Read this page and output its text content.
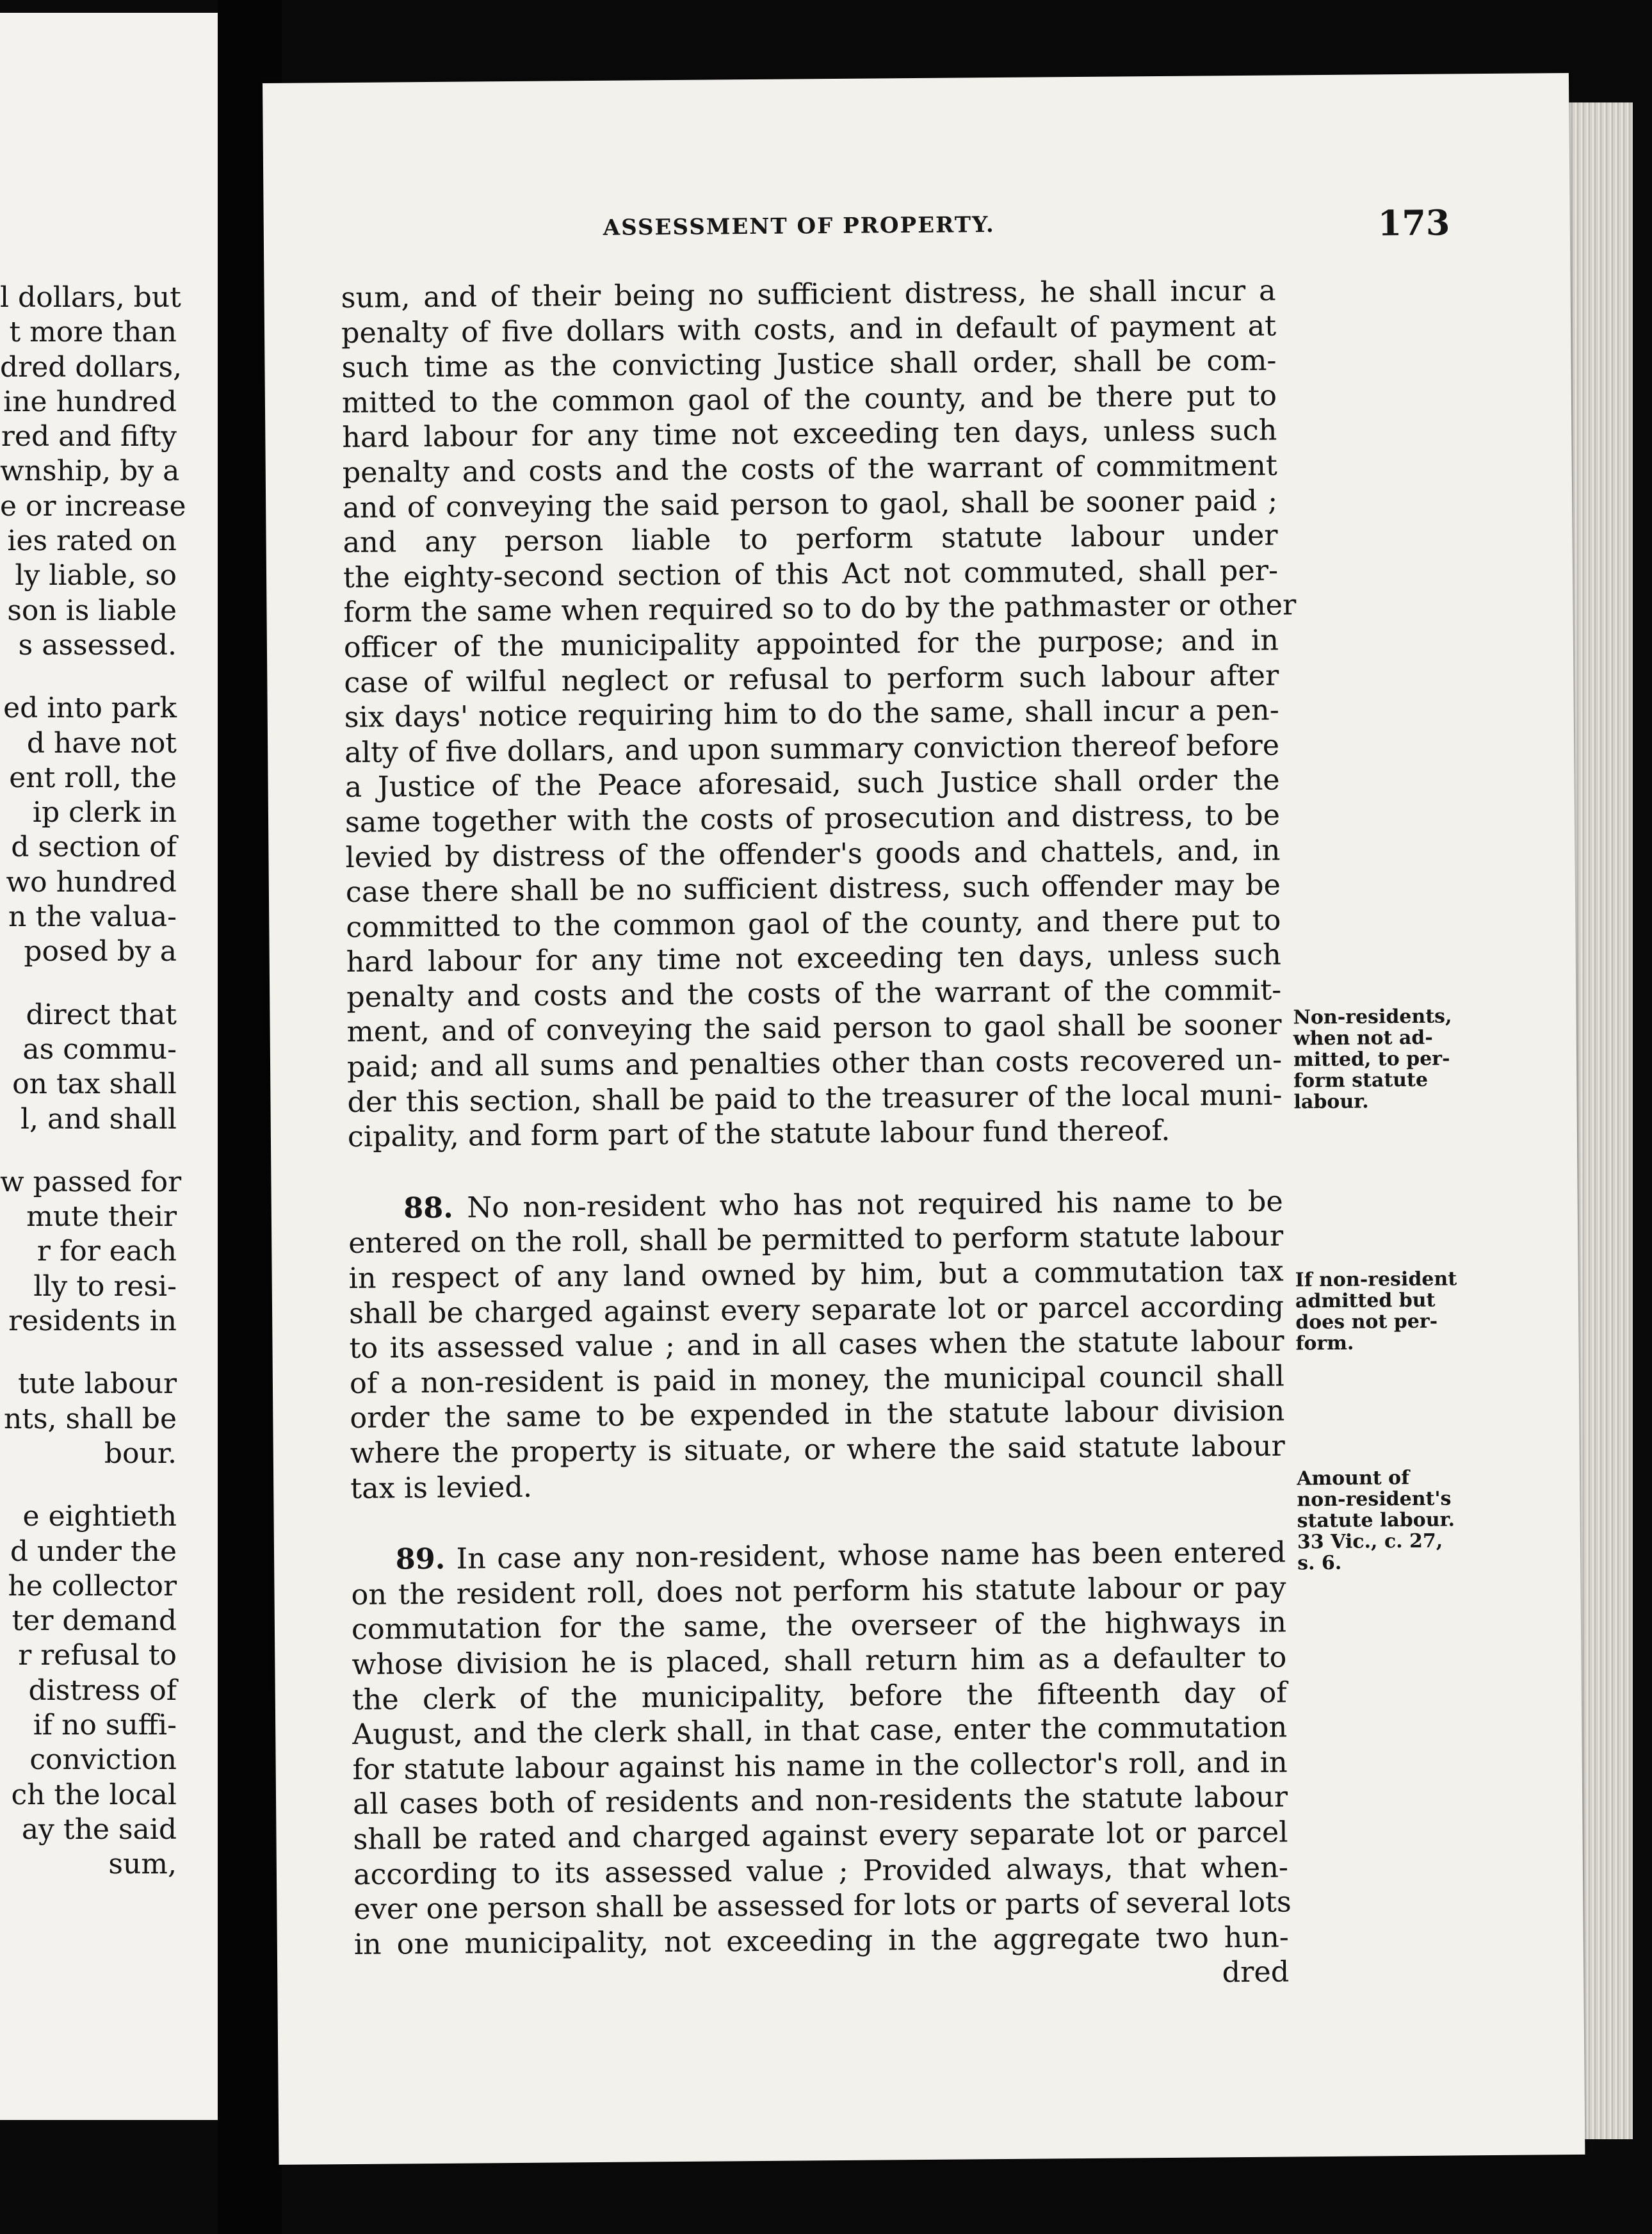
l dollars, but
t more than
dred dollars,
ine hundred
red and fifty
wnship, by a
e or increase
ies rated on
ly liable, so
son is liable
s assessed.
ed into park
d have not
ent roll, the
ip clerk in
d section of
wo hundred
n the valua-
posed by a
direct that
as commu-
on tax shall
l, and shall
w passed for
mute their
r for each
lly to resi-
residents in
tute labour
nts, shall be
bour.
e eightieth
d under the
he collector
ter demand
r refusal to
distress of
if no suffi-
conviction
ch the local
ay the said
sum,
ASSESSMENT OF PROPERTY.	173
sum, and of their being no sufficient distress, he shall incur a
penalty of five dollars with costs, and in default of payment at
such time as the convicting Justice shall order, shall be com-
mitted to the common gaol of the county, and be there put to
hard labour for any time not exceeding ten days, unless such
penalty and costs and the costs of the warrant of commitment
and of conveying the said person to gaol, shall be sooner paid ;
and any person liable to perform statute labour under
the eighty-second section of this Act not commuted, shall per-
form the same when required so to do by the pathmaster or other
officer of the municipality appointed for the purpose; and in
case of wilful neglect or refusal to perform such labour after
six days' notice requiring him to do the same, shall incur a pen-
alty of five dollars, and upon summary conviction thereof before
a Justice of the Peace aforesaid, such Justice shall order the
same together with the costs of prosecution and distress, to be
levied by distress of the offender's goods and chattels, and, in
case there shall be no sufficient distress, such offender may be
committed to the common gaol of the county, and there put to
hard labour for any time not exceeding ten days, unless such
penalty and costs and the costs of the warrant of the commit-
ment, and of conveying the said person to gaol shall be sooner
paid; and all sums and penalties other than costs recovered un-
der this section, shall be paid to the treasurer of the local muni-
cipality, and form part of the statute labour fund thereof.
88. No non-resident who has not required his name to be
entered on the roll, shall be permitted to perform statute labour
in respect of any land owned by him, but a commutation tax
shall be charged against every separate lot or parcel according
to its assessed value ; and in all cases when the statute labour
of a non-resident is paid in money, the municipal council shall
order the same to be expended in the statute labour division
where the property is situate, or where the said statute labour
tax is levied.
89. In case any non-resident, whose name has been entered
on the resident roll, does not perform his statute labour or pay
commutation for the same, the overseer of the highways in
whose division he is placed, shall return him as a defaulter to
the clerk of the municipality, before the fifteenth day of
August, and the clerk shall, in that case, enter the commutation
for statute labour against his name in the collector's roll, and in
all cases both of residents and non-residents the statute labour
shall be rated and charged against every separate lot or parcel
according to its assessed value ; Provided always, that when-
ever one person shall be assessed for lots or parts of several lots
in one municipality, not exceeding in the aggregate two hun-
dred
Non-residents,
when not ad-
mitted, to per-
form statute
labour.
If non-resident
admitted but
does not per-
form.
Amount of
non-resident's
statute labour.
33 Vic., c. 27,
s. 6.
